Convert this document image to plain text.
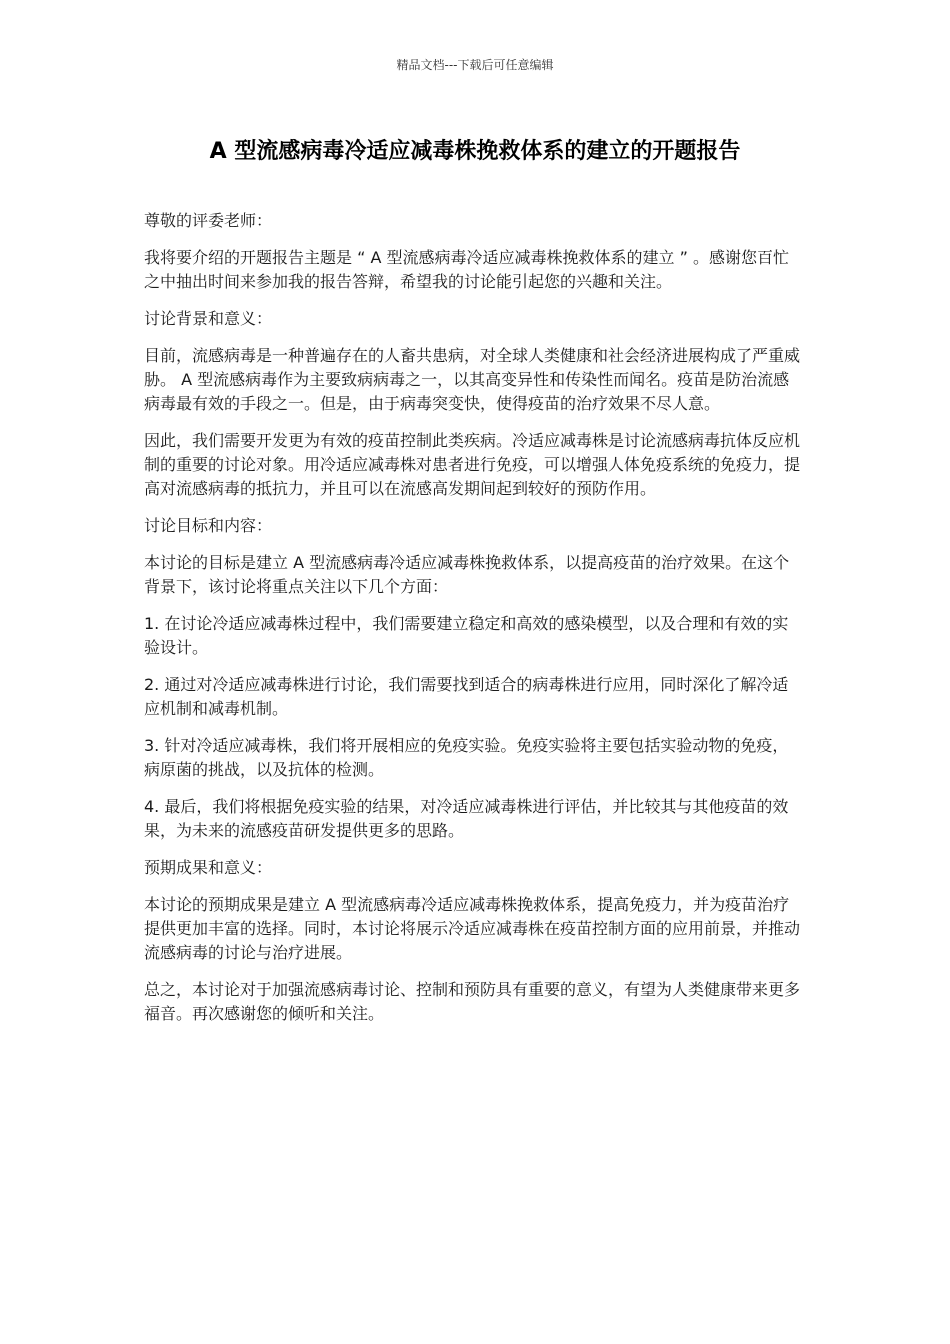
精品文档---下载后可任意编辑
A 型流感病毒冷适应减毒株挽救体系的建立的开题报告

尊敬的评委老师：

我将要介绍的开题报告主题是 “ A 型流感病毒冷适应减毒株挽救体系的建立 ” 。感谢您百忙之中抽出时间来参加我的报告答辩，希望我的讨论能引起您的兴趣和关注。

讨论背景和意义：

目前，流感病毒是一种普遍存在的人畜共患病，对全球人类健康和社会经济进展构成了严重威胁。 A 型流感病毒作为主要致病病毒之一，以其高变异性和传染性而闻名。疫苗是防治流感病毒最有效的手段之一。但是，由于病毒突变快，使得疫苗的治疗效果不尽人意。

因此，我们需要开发更为有效的疫苗控制此类疾病。冷适应减毒株是讨论流感病毒抗体反应机制的重要的讨论对象。用冷适应减毒株对患者进行免疫，可以增强人体免疫系统的免疫力，提高对流感病毒的抵抗力，并且可以在流感高发期间起到较好的预防作用。

讨论目标和内容：

本讨论的目标是建立 A 型流感病毒冷适应减毒株挽救体系，以提高疫苗的治疗效果。在这个背景下，该讨论将重点关注以下几个方面：

1. 在讨论冷适应减毒株过程中，我们需要建立稳定和高效的感染模型，以及合理和有效的实验设计。

2. 通过对冷适应减毒株进行讨论，我们需要找到适合的病毒株进行应用，同时深化了解冷适应机制和减毒机制。

3. 针对冷适应减毒株，我们将开展相应的免疫实验。免疫实验将主要包括实验动物的免疫，病原菌的挑战，以及抗体的检测。

4. 最后，我们将根据免疫实验的结果，对冷适应减毒株进行评估，并比较其与其他疫苗的效果，为未来的流感疫苗研发提供更多的思路。

预期成果和意义：

本讨论的预期成果是建立 A 型流感病毒冷适应减毒株挽救体系，提高免疫力，并为疫苗治疗提供更加丰富的选择。同时，本讨论将展示冷适应减毒株在疫苗控制方面的应用前景，并推动流感病毒的讨论与治疗进展。

总之，本讨论对于加强流感病毒讨论、控制和预防具有重要的意义，有望为人类健康带来更多福音。再次感谢您的倾听和关注。
